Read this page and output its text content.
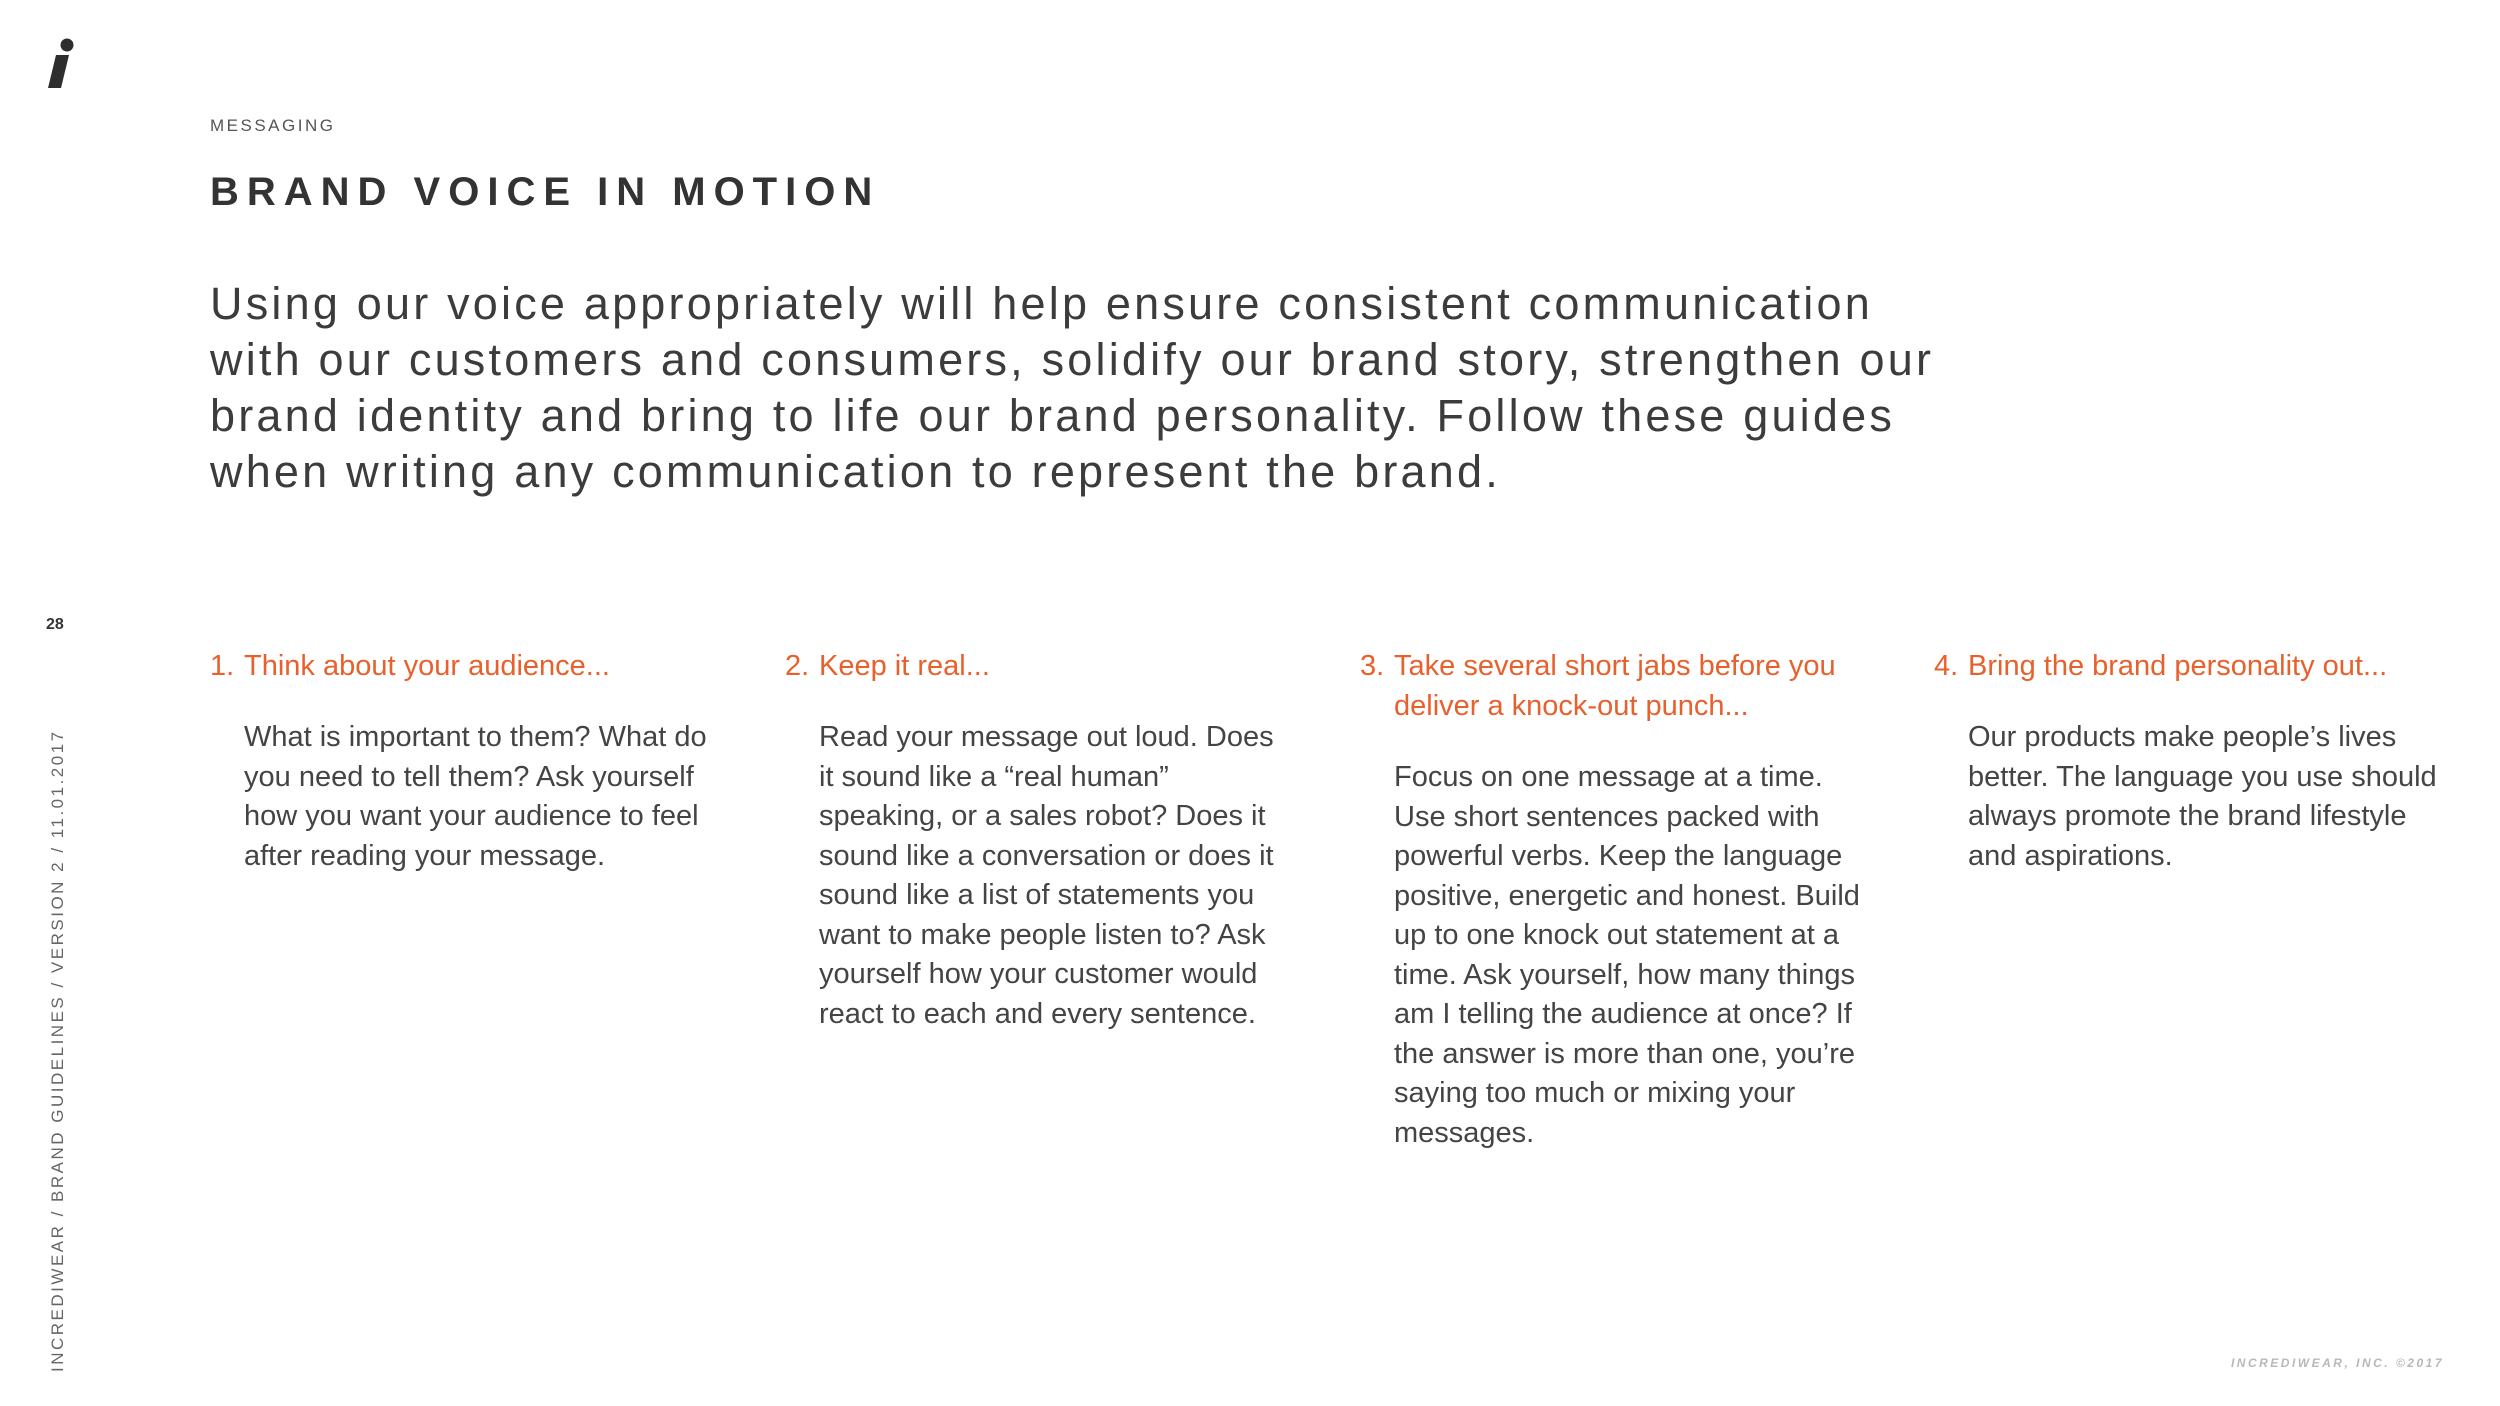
MESSAGING
BRAND VOICE IN MOTION

Using our voice appropriately will help ensure consistent communication with our customers and consumers, solidify our brand story, strengthen our brand identity and bring to life our brand personality. Follow these guides when writing any communication to represent the brand.

28
INCREDIWEAR / BRAND GUIDELINES / VERSION 2 / 11.01.2017
1. Think about your audience...
What is important to them? What do you need to tell them? Ask yourself how you want your audience to feel after reading your message.
2. Keep it real...
Read your message out loud. Does it sound like a “real human” speaking, or a sales robot? Does it sound like a conversation or does it sound like a list of statements you want to make people listen to? Ask yourself how your customer would react to each and every sentence.
3. Take several short jabs before you deliver a knock-out punch...
Focus on one message at a time. Use short sentences packed with powerful verbs. Keep the language positive, energetic and honest. Build up to one knock out statement at a time. Ask yourself, how many things am I telling the audience at once? If the answer is more than one, you’re saying too much or mixing your messages.
4. Bring the brand personality out...
Our products make people’s lives better. The language you use should always promote the brand lifestyle and aspirations.
INCREDIWEAR, INC. ©2017
